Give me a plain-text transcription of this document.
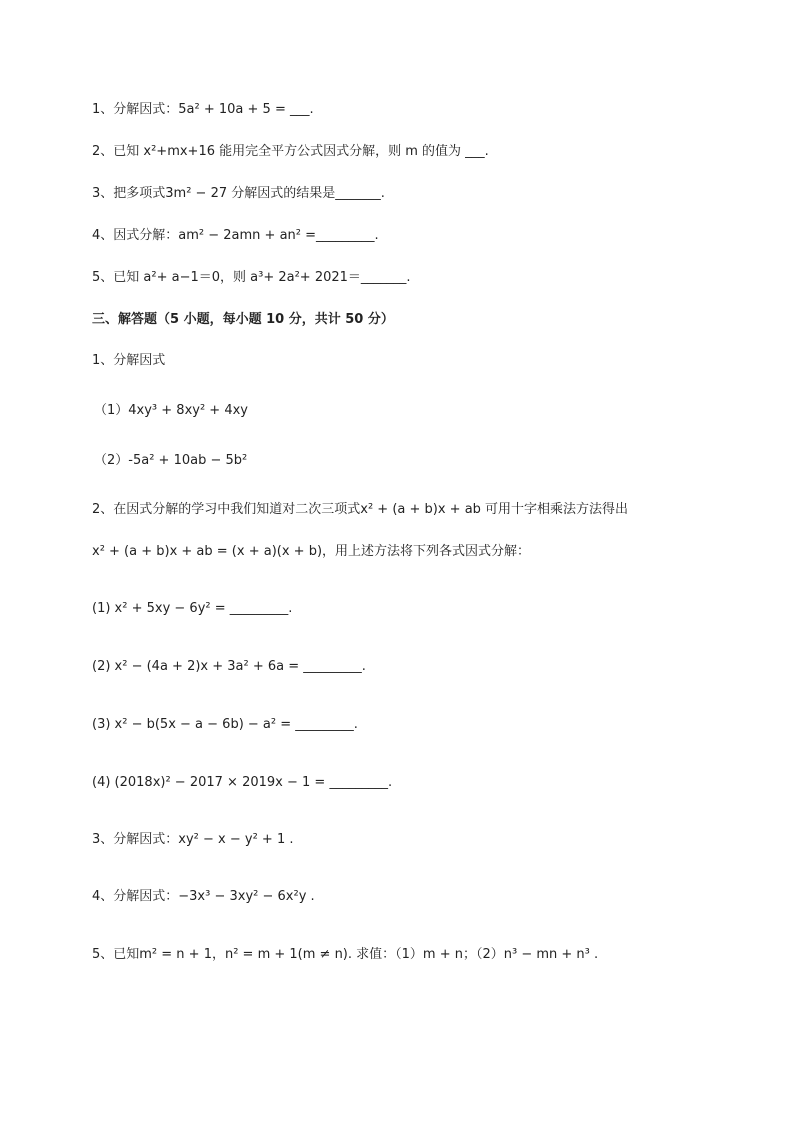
1、分解因式：5a² + 10a + 5 = ___.
2、已知 x²+mx+16 能用完全平方公式因式分解，则 m 的值为 ___.
3、把多项式3m² − 27 分解因式的结果是_______.
4、因式分解：am² − 2amn + an² =_________.
5、已知 a²+ a−1＝0，则 a³+ 2a²+ 2021＝_______.
三、解答题（5 小题，每小题 10 分，共计 50 分）
1、分解因式
（1）4xy³ + 8xy² + 4xy
（2）-5a² + 10ab − 5b²
2、在因式分解的学习中我们知道对二次三项式x² + (a + b)x + ab 可用十字相乘法方法得出
x² + (a + b)x + ab = (x + a)(x + b)，用上述方法将下列各式因式分解：
(1) x² + 5xy − 6y² = _________.
(2) x² − (4a + 2)x + 3a² + 6a = _________.
(3) x² − b(5x − a − 6b) − a² = _________.
(4) (2018x)² − 2017 × 2019x − 1 = _________.
3、分解因式：xy² − x − y² + 1 .
4、分解因式：−3x³ − 3xy² − 6x²y .
5、已知m² = n + 1，n² = m + 1(m ≠ n). 求值：（1）m + n；（2）n³ − mn + n³ .
